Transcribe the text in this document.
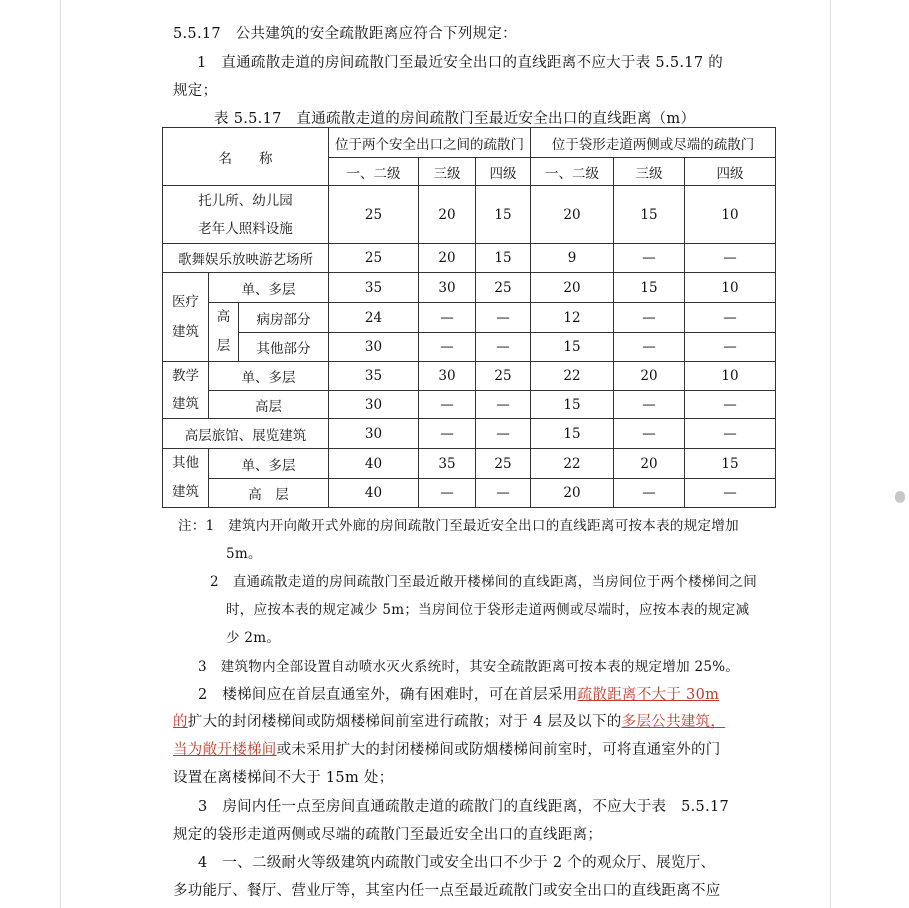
5.5.17　公共建筑的安全疏散距离应符合下列规定：
1　直通疏散走道的房间疏散门至最近安全出口的直线距离不应大于表 5.5.17 的
规定；
表 5.5.17　直通疏散走道的房间疏散门至最近安全出口的直线距离（m）
名　　称			位于两个安全出口之间的疏散门			位于袋形走道两侧或尽端的疏散门		
			一、二级	三级	四级	一、二级	三级	四级
托儿所、幼儿园
老年人照料设施			25	20	15	20	15	10
歌舞娱乐放映游艺场所			25	20	15	9	—	—
医疗
建筑	单、多层		35	30	25	20	15	10
	高
层	病房部分	24	—	—	12	—	—
		其他部分	30	—	—	15	—	—
教学
建筑	单、多层		35	30	25	22	20	10
	高层		30	—	—	15	—	—
高层旅馆、展览建筑			30	—	—	15	—	—
其他
建筑	单、多层		40	35	25	22	20	15
	高　层		40	—	—	20	—	—
注：1　建筑内开向敞开式外廊的房间疏散门至最近安全出口的直线距离可按本表的规定增加
5m。
2　直通疏散走道的房间疏散门至最近敞开楼梯间的直线距离，当房间位于两个楼梯间之间
时，应按本表的规定减少 5m；当房间位于袋形走道两侧或尽端时，应按本表的规定减
少 2m。
3　建筑物内全部设置自动喷水灭火系统时，其安全疏散距离可按本表的规定增加 25%。
2　楼梯间应在首层直通室外，确有困难时，可在首层采用疏散距离不大于 30m
的扩大的封闭楼梯间或防烟楼梯间前室进行疏散；对于 4 层及以下的多层公共建筑，
当为敞开楼梯间或未采用扩大的封闭楼梯间或防烟楼梯间前室时，可将直通室外的门
设置在离楼梯间不大于 15m 处；
3　房间内任一点至房间直通疏散走道的疏散门的直线距离，不应大于表　5.5.17
规定的袋形走道两侧或尽端的疏散门至最近安全出口的直线距离；
4　一、二级耐火等级建筑内疏散门或安全出口不少于 2 个的观众厅、展览厅、
多功能厅、餐厅、营业厅等，其室内任一点至最近疏散门或安全出口的直线距离不应
